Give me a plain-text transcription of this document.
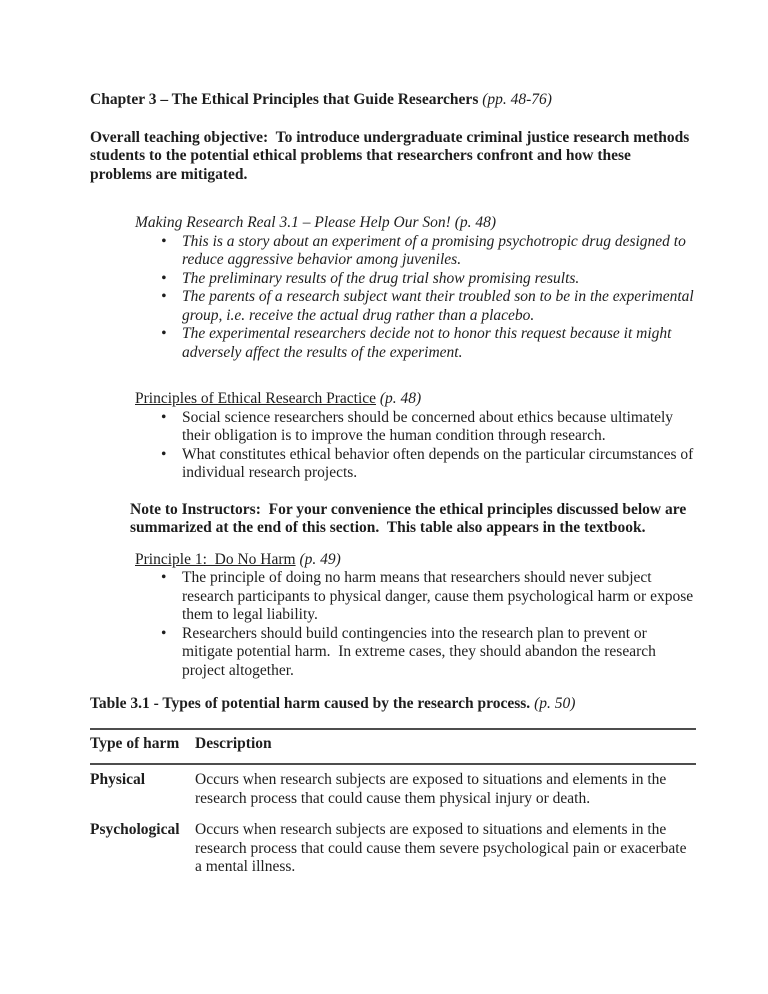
Chapter 3 – The Ethical Principles that Guide Researchers (pp. 48-76)

Overall teaching objective:  To introduce undergraduate criminal justice research methods students to the potential ethical problems that researchers confront and how these problems are mitigated.

Making Research Real 3.1 – Please Help Our Son! (p. 48)

• This is a story about an experiment of a promising psychotropic drug designed to reduce aggressive behavior among juveniles.
• The preliminary results of the drug trial show promising results.
• The parents of a research subject want their troubled son to be in the experimental group, i.e. receive the actual drug rather than a placebo.
• The experimental researchers decide not to honor this request because it might adversely affect the results of the experiment.

Principles of Ethical Research Practice (p. 48)

• Social science researchers should be concerned about ethics because ultimately their obligation is to improve the human condition through research.
• What constitutes ethical behavior often depends on the particular circumstances of individual research projects.

Note to Instructors:  For your convenience the ethical principles discussed below are summarized at the end of this section.  This table also appears in the textbook.

Principle 1:  Do No Harm (p. 49)

• The principle of doing no harm means that researchers should never subject research participants to physical danger, cause them psychological harm or expose them to legal liability.
• Researchers should build contingencies into the research plan to prevent or mitigate potential harm.  In extreme cases, they should abandon the research project altogether.

Table 3.1 - Types of potential harm caused by the research process. (p. 50)

Type of harm	Description
Physical	Occurs when research subjects are exposed to situations and elements in the research process that could cause them physical injury or death.
Psychological Occurs when research subjects are exposed to situations and elements in the research process that could cause them severe psychological pain or exacerbate a mental illness.
